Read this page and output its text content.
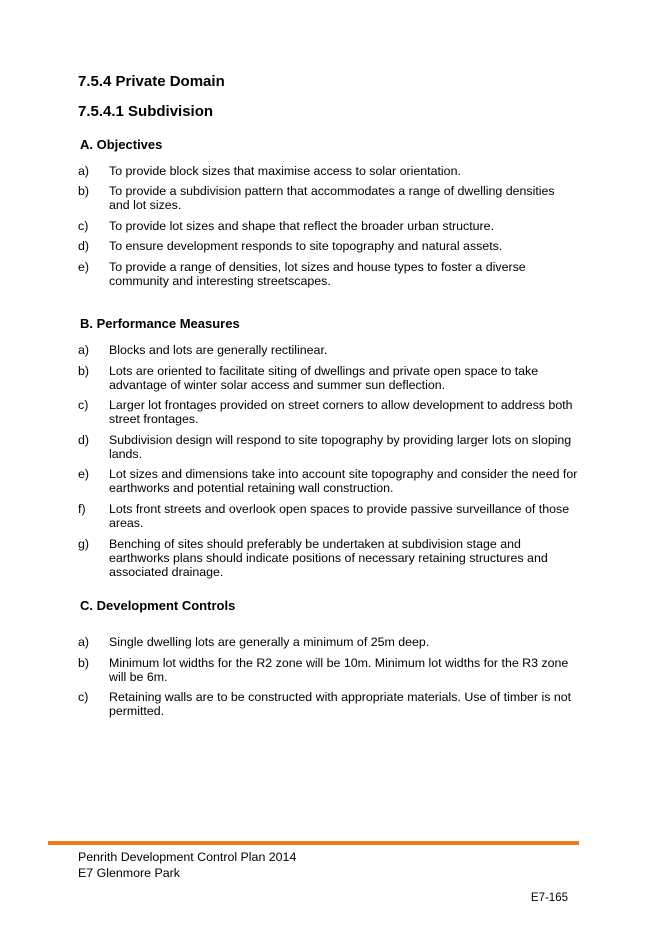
7.5.4 Private Domain
7.5.4.1 Subdivision
A. Objectives
a) To provide block sizes that maximise access to solar orientation.
b) To provide a subdivision pattern that accommodates a range of dwelling densities and lot sizes.
c) To provide lot sizes and shape that reflect the broader urban structure.
d) To ensure development responds to site topography and natural assets.
e) To provide a range of densities, lot sizes and house types to foster a diverse community and interesting streetscapes.
B. Performance Measures
a) Blocks and lots are generally rectilinear.
b) Lots are oriented to facilitate siting of dwellings and private open space to take advantage of winter solar access and summer sun deflection.
c) Larger lot frontages provided on street corners to allow development to address both street frontages.
d) Subdivision design will respond to site topography by providing larger lots on sloping lands.
e) Lot sizes and dimensions take into account site topography and consider the need for earthworks and potential retaining wall construction.
f) Lots front streets and overlook open spaces to provide passive surveillance of those areas.
g) Benching of sites should preferably be undertaken at subdivision stage and earthworks plans should indicate positions of necessary retaining structures and associated drainage.
C. Development Controls
a) Single dwelling lots are generally a minimum of 25m deep.
b) Minimum lot widths for the R2 zone will be 10m. Minimum lot widths for the R3 zone will be 6m.
c) Retaining walls are to be constructed with appropriate materials. Use of timber is not permitted.
Penrith Development Control Plan 2014
E7 Glenmore Park
E7-165
